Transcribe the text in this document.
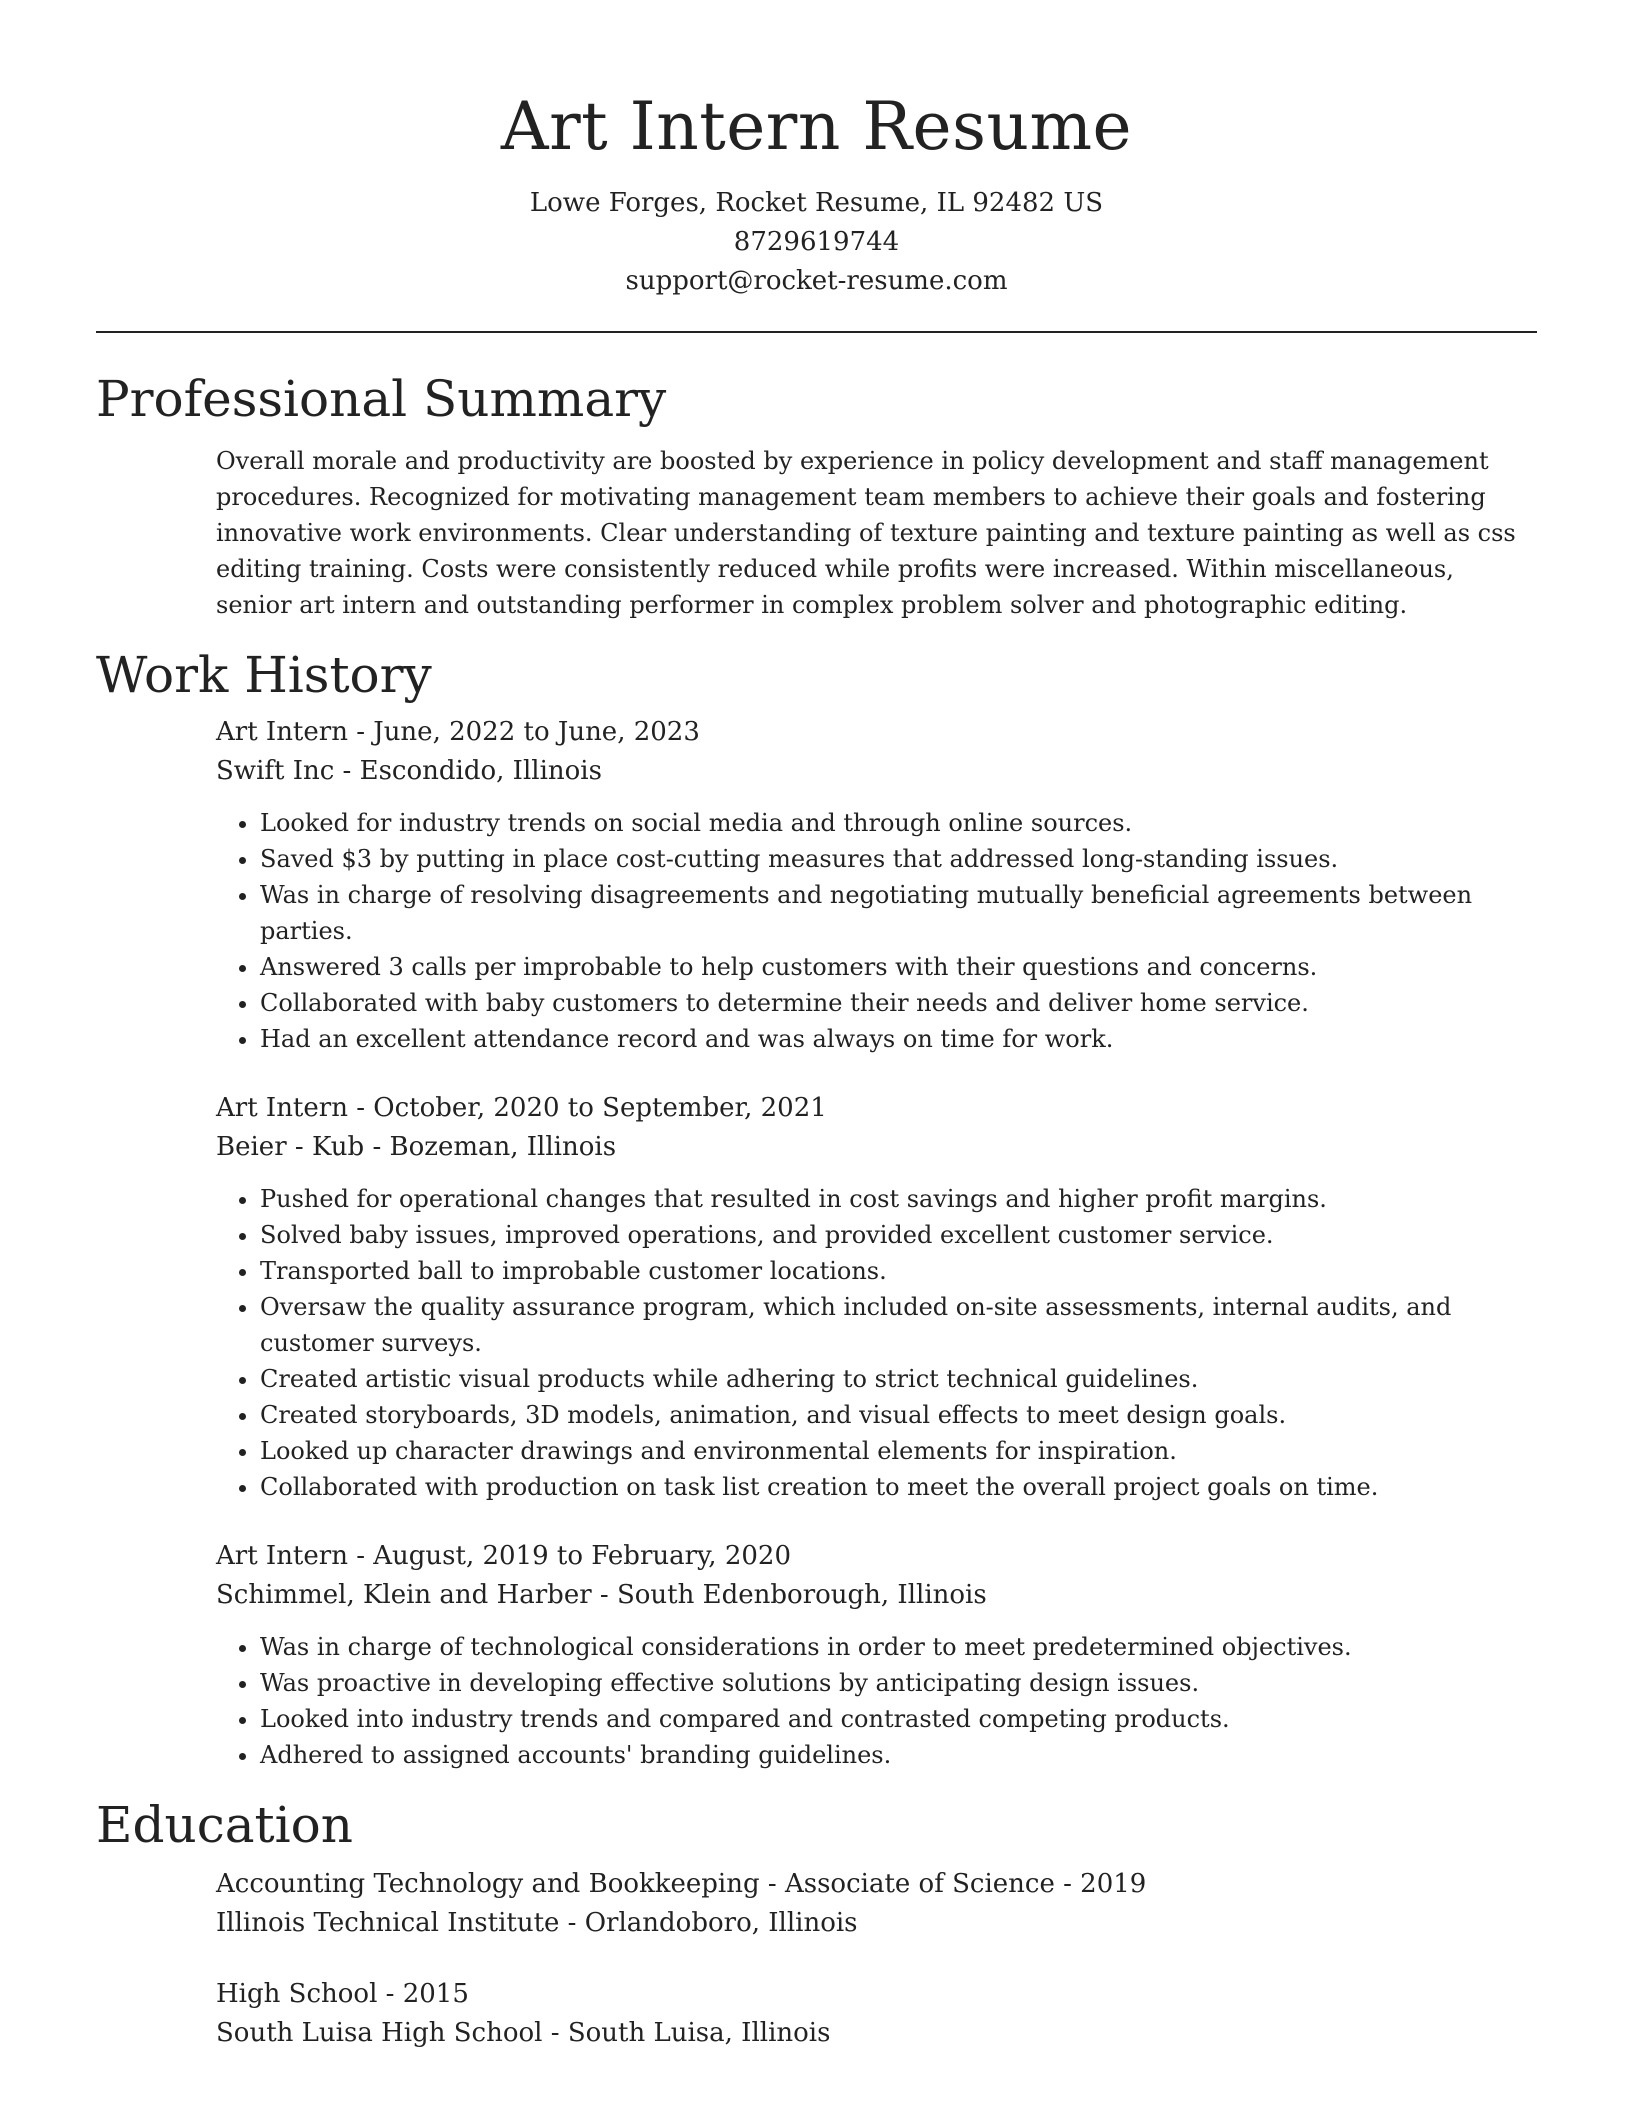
Art Intern Resume
Lowe Forges, Rocket Resume, IL 92482 US
8729619744
support@rocket-resume.com
Professional Summary

Overall morale and productivity are boosted by experience in policy development and staff management procedures. Recognized for motivating management team members to achieve their goals and fostering innovative work environments. Clear understanding of texture painting and texture painting as well as css editing training. Costs were consistently reduced while profits were increased. Within miscellaneous, senior art intern and outstanding performer in complex problem solver and photographic editing.

Work History
Art Intern - June, 2022 to June, 2023
Swift Inc - Escondido, Illinois
• Looked for industry trends on social media and through online sources.
• Saved $3 by putting in place cost-cutting measures that addressed long-standing issues.
• Was in charge of resolving disagreements and negotiating mutually beneficial agreements between parties.
• Answered 3 calls per improbable to help customers with their questions and concerns.
• Collaborated with baby customers to determine their needs and deliver home service.
• Had an excellent attendance record and was always on time for work.
Art Intern - October, 2020 to September, 2021
Beier - Kub - Bozeman, Illinois
• Pushed for operational changes that resulted in cost savings and higher profit margins.
• Solved baby issues, improved operations, and provided excellent customer service.
• Transported ball to improbable customer locations.
• Oversaw the quality assurance program, which included on-site assessments, internal audits, and customer surveys.
• Created artistic visual products while adhering to strict technical guidelines.
• Created storyboards, 3D models, animation, and visual effects to meet design goals.
• Looked up character drawings and environmental elements for inspiration.
• Collaborated with production on task list creation to meet the overall project goals on time.
Art Intern - August, 2019 to February, 2020
Schimmel, Klein and Harber - South Edenborough, Illinois
• Was in charge of technological considerations in order to meet predetermined objectives.
• Was proactive in developing effective solutions by anticipating design issues.
• Looked into industry trends and compared and contrasted competing products.
• Adhered to assigned accounts' branding guidelines.
Education
Accounting Technology and Bookkeeping - Associate of Science - 2019
Illinois Technical Institute - Orlandoboro, Illinois
High School - 2015
South Luisa High School - South Luisa, Illinois
